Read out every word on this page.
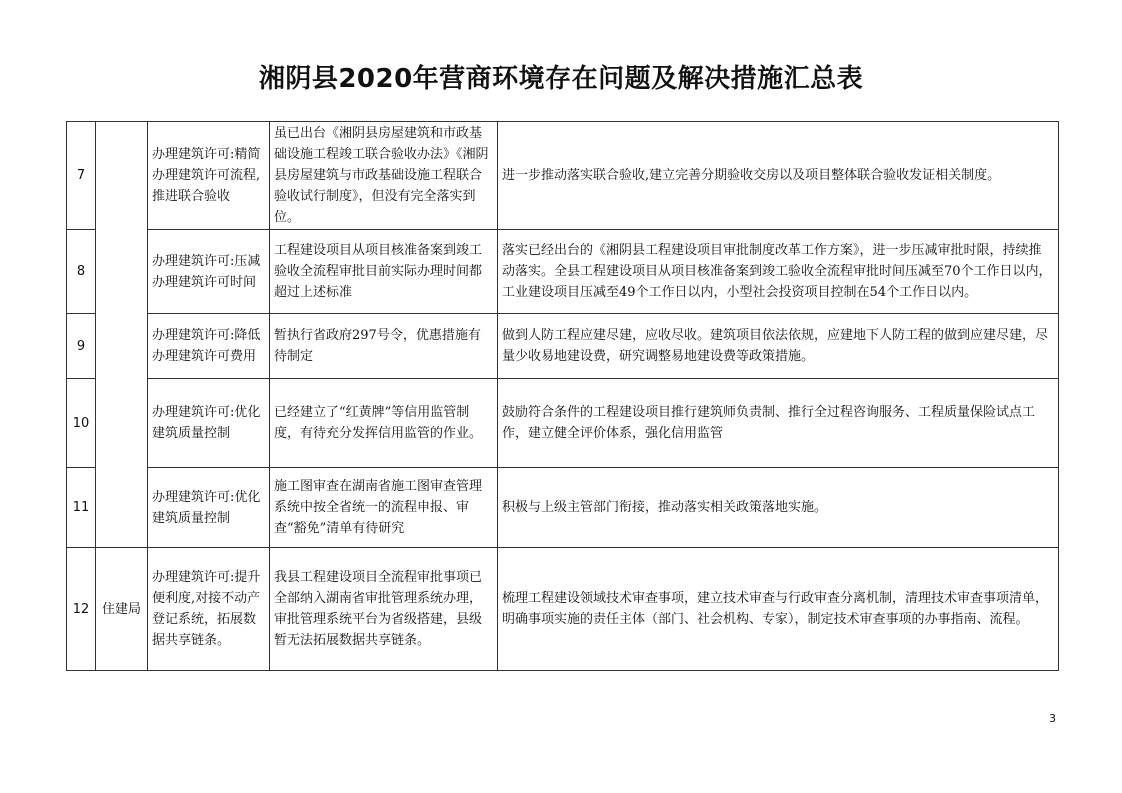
湘阴县2020年营商环境存在问题及解决措施汇总表
7		办理建筑许可:精简办理建筑许可流程,推进联合验收	虽已出台《湘阴县房屋建筑和市政基础设施工程竣工联合验收办法》《湘阴县房屋建筑与市政基础设施工程联合验收试行制度》，但没有完全落实到位。	进一步推动落实联合验收,建立完善分期验收交房以及项目整体联合验收发证相关制度。
8		办理建筑许可:压减办理建筑许可时间	工程建设项目从项目核准备案到竣工验收全流程审批目前实际办理时间都超过上述标准	落实已经出台的《湘阴县工程建设项目审批制度改革工作方案》，进一步压减审批时限，持续推动落实。全县工程建设项目从项目核准备案到竣工验收全流程审批时间压减至70个工作日以内，工业建设项目压减至49个工作日以内，小型社会投资项目控制在54个工作日以内。
9		办理建筑许可:降低办理建筑许可费用	暂执行省政府297号令，优惠措施有待制定	做到人防工程应建尽建，应收尽收。建筑项目依法依规，应建地下人防工程的做到应建尽建，尽量少收易地建设费，研究调整易地建设费等政策措施。
10		办理建筑许可:优化建筑质量控制	已经建立了“红黄牌”等信用监管制度，有待充分发挥信用监管的作业。	鼓励符合条件的工程建设项目推行建筑师负责制、推行全过程咨询服务、工程质量保险试点工作，建立健全评价体系，强化信用监管
11		办理建筑许可:优化建筑质量控制	施工图审查在湖南省施工图审查管理系统中按全省统一的流程申报、审查“豁免”清单有待研究	积极与上级主管部门衔接，推动落实相关政策落地实施。
12	住建局	办理建筑许可:提升便利度,对接不动产登记系统，拓展数据共享链条。	我县工程建设项目全流程审批事项已全部纳入湖南省审批管理系统办理，审批管理系统平台为省级搭建，县级暂无法拓展数据共享链条。	梳理工程建设领域技术审查事项，建立技术审查与行政审查分离机制，清理技术审查事项清单，明确事项实施的责任主体（部门、社会机构、专家），制定技术审查事项的办事指南、流程。
3
